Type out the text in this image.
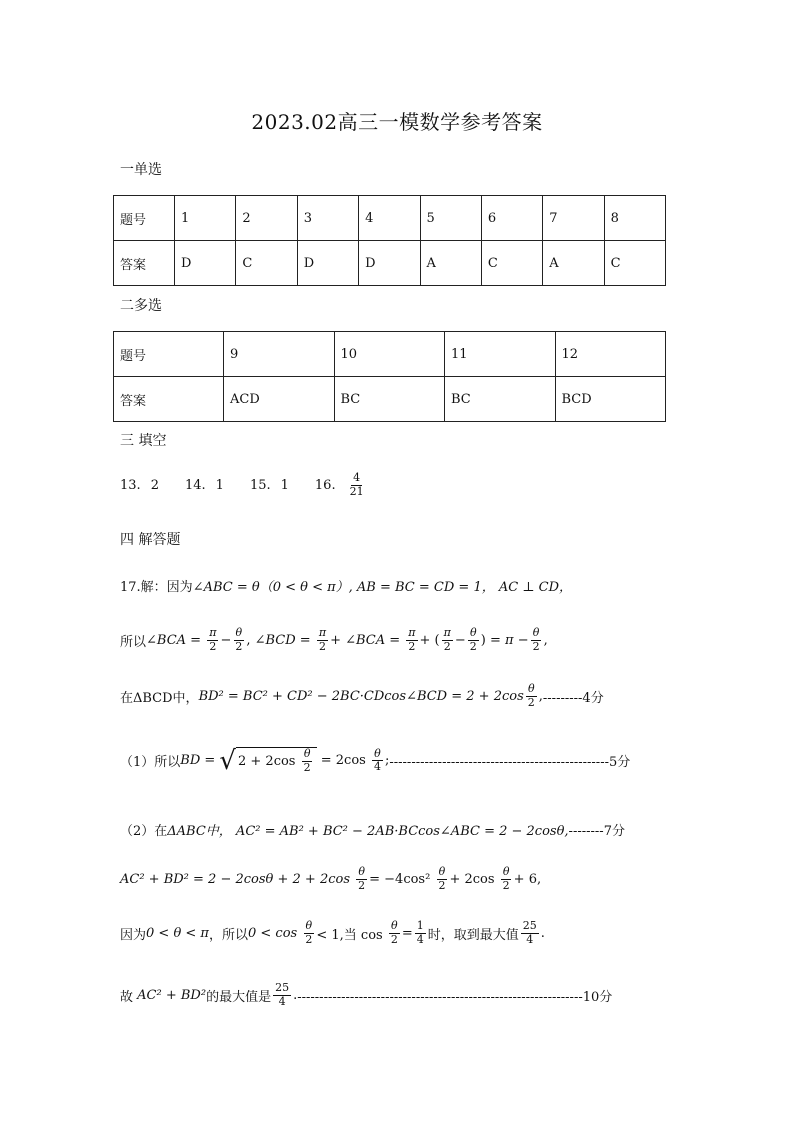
2023.02高三一模数学参考答案
一单选
题号	1	2	3	4	5	6	7	8
答案	D	C	D	D	A	C	A	C
二多选
题号	9	10	11	12
答案	ACD	BC	BC	BCD
三 填空
13. 2 14. 1 15. 1 16. $\frac{4}{21}$
四 解答题
17.解：因为 ∠ABC = θ（0 < θ < π）, AB = BC = CD = 1， AC ⊥ CD，
所以 ∠BCA = $\frac{\pi}{2} - \frac{\theta}{2}$ , ∠BCD = $\frac{\pi}{2}$ + ∠BCA = $\frac{\pi}{2}$ + ( $\frac{\pi}{2} - \frac{\theta}{2}$ ) = $\pi - \frac{\theta}{2}$ ,
在ΔBCD中， BD² = BC² + CD² − 2BC·CDcos∠BCD = $2 + 2\cos \frac{\theta}{2}$ , ---------4分
（1）所以 BD = √ $2 + 2\cos \frac{\theta}{2} = 2\cos \frac{\theta}{4}$ ; --------------------------------------------------5分
（2）在 ΔABC中， AC² = AB² + BC² − 2AB·BCcos∠ABC = 2 − 2cosθ, --------7分
AC² + BD² = 2 − 2cosθ + 2 + 2cos
$\frac{\theta}{2} = -4\cos^2 \frac{\theta}{2} + 2\cos \frac{\theta}{2} + 6$,
因为 0 < θ < π ，所以 0 < cos
$\frac{\theta}{2} < 1$,当 $\cos \frac{\theta}{2} = \frac{1}{4}$ 时，取到最大值 $\frac{25}{4}$ .
故
AC² + BD² 的最大值是 $\frac{25}{4}$ . -----------------------------------------------------------------10分
